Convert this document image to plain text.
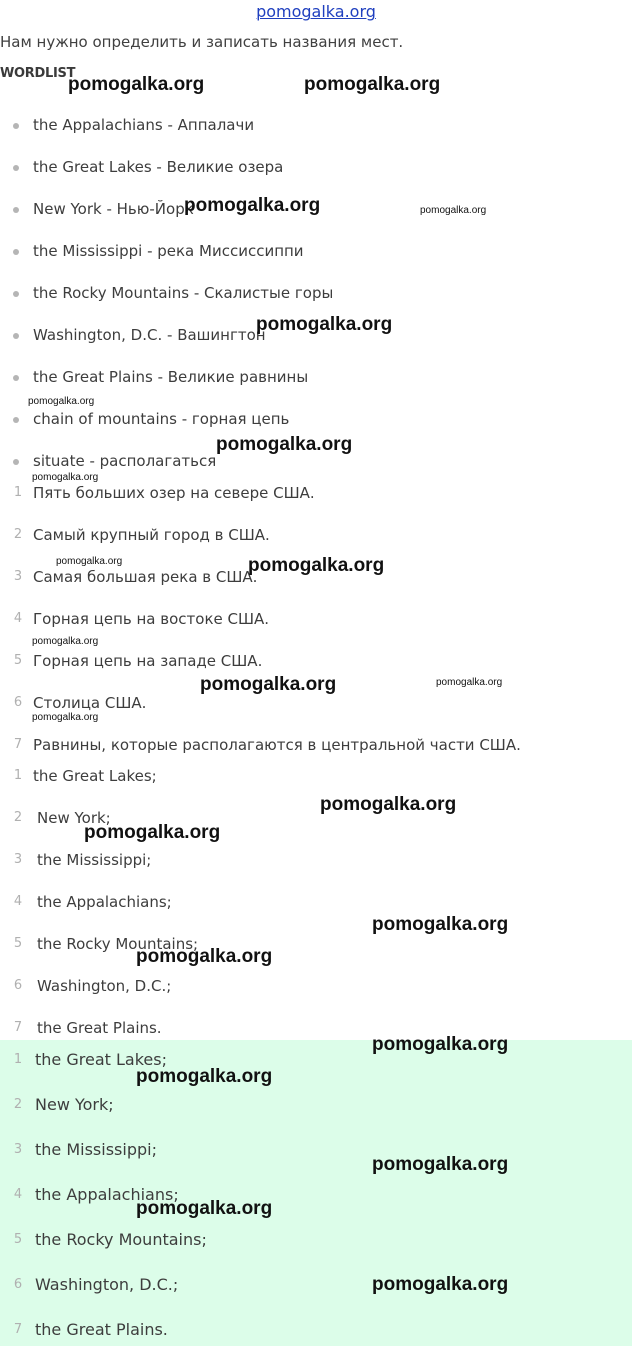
pomogalka.org
Нам нужно определить и записать названия мест.
WORDLIST
the Appalachians - Аппалачи
the Great Lakes - Великие озера
New York - Нью-Йорк
the Mississippi - река Миссиссиппи
the Rocky Mountains - Скалистые горы
Washington, D.C. - Вашингтон
the Great Plains - Великие равнины
chain of mountains - горная цепь
situate - располагаться
1 Пять больших озер на севере США.
2 Самый крупный город в США.
3 Самая большая река в США.
4 Горная цепь на востоке США.
5 Горная цепь на западе США.
6 Столица США.
7 Равнины, которые располагаются в центральной части США.
1 the Great Lakes;
2 New York;
3 the Mississippi;
4 the Appalachians;
5 the Rocky Mountains;
6 Washington, D.C.;
7 the Great Plains.
1 the Great Lakes;
2 New York;
3 the Mississippi;
4 the Appalachians;
5 the Rocky Mountains;
6 Washington, D.C.;
7 the Great Plains.
pomogalka.org	pomogalka.org
pomogalka.org	pomogalka.org
pomogalka.org
pomogalka.org
pomogalka.org
pomogalka.org
pomogalka.org	pomogalka.org
pomogalka.org
pomogalka.org	pomogalka.org
pomogalka.org
pomogalka.org
pomogalka.org
pomogalka.org
pomogalka.org
pomogalka.org
pomogalka.org
pomogalka.org
pomogalka.org
pomogalka.org
